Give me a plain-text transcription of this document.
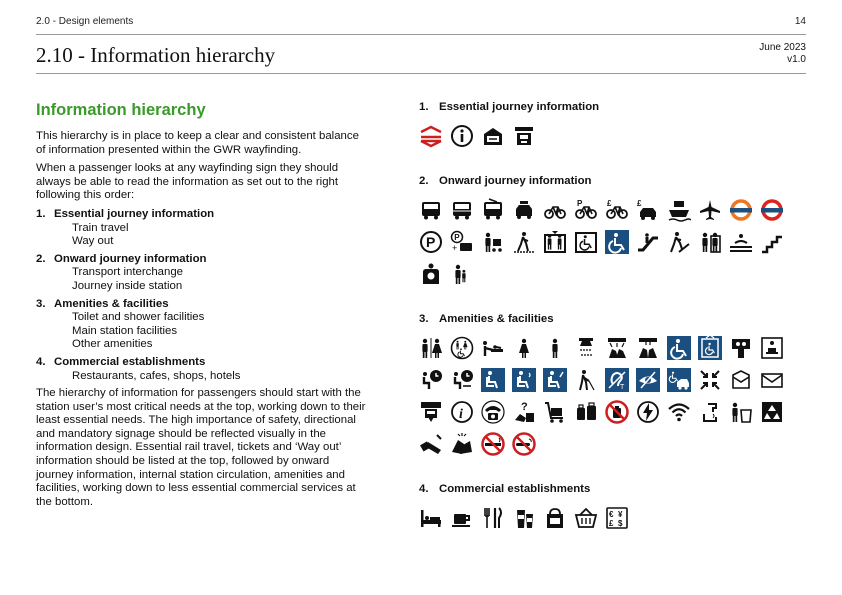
2.0 - Design elements	14
2.10 - Information hierarchy	June 2023
v1.0
Information hierarchy

This hierarchy is in place to keep a clear and consistent balance of information presented within the GWR wayfinding.

When a passenger looks at any wayfinding sign they should always be able to read the information as set out to the right following this order:

1. Essential journey information
Train travel
Way out
2. Onward journey information
Transport interchange
Journey inside station
3. Amenities & facilities
Toilet and shower facilities
Main station facilities
Other amenities
4. Commercial establishments
Restaurants, cafes, shops, hotels

The hierarchy of information for passengers should start with the station user’s most critical needs at the top, working down to their least essential needs. The high importance of safety, directional and mandatory signage should be reflected visually in the information design. Essential rail travel, tickets and ‘Way out’ information should be listed at the top, followed by onward journey information, internal station circulation, amenities and facilities, working down to less essential commercial services at the bottom.

1. Essential journey information
2. Onward journey information
P	£	£
P P
+
3. Amenities & facilities
T
i	?
4. Commercial establishments
€ ¥
£ $
